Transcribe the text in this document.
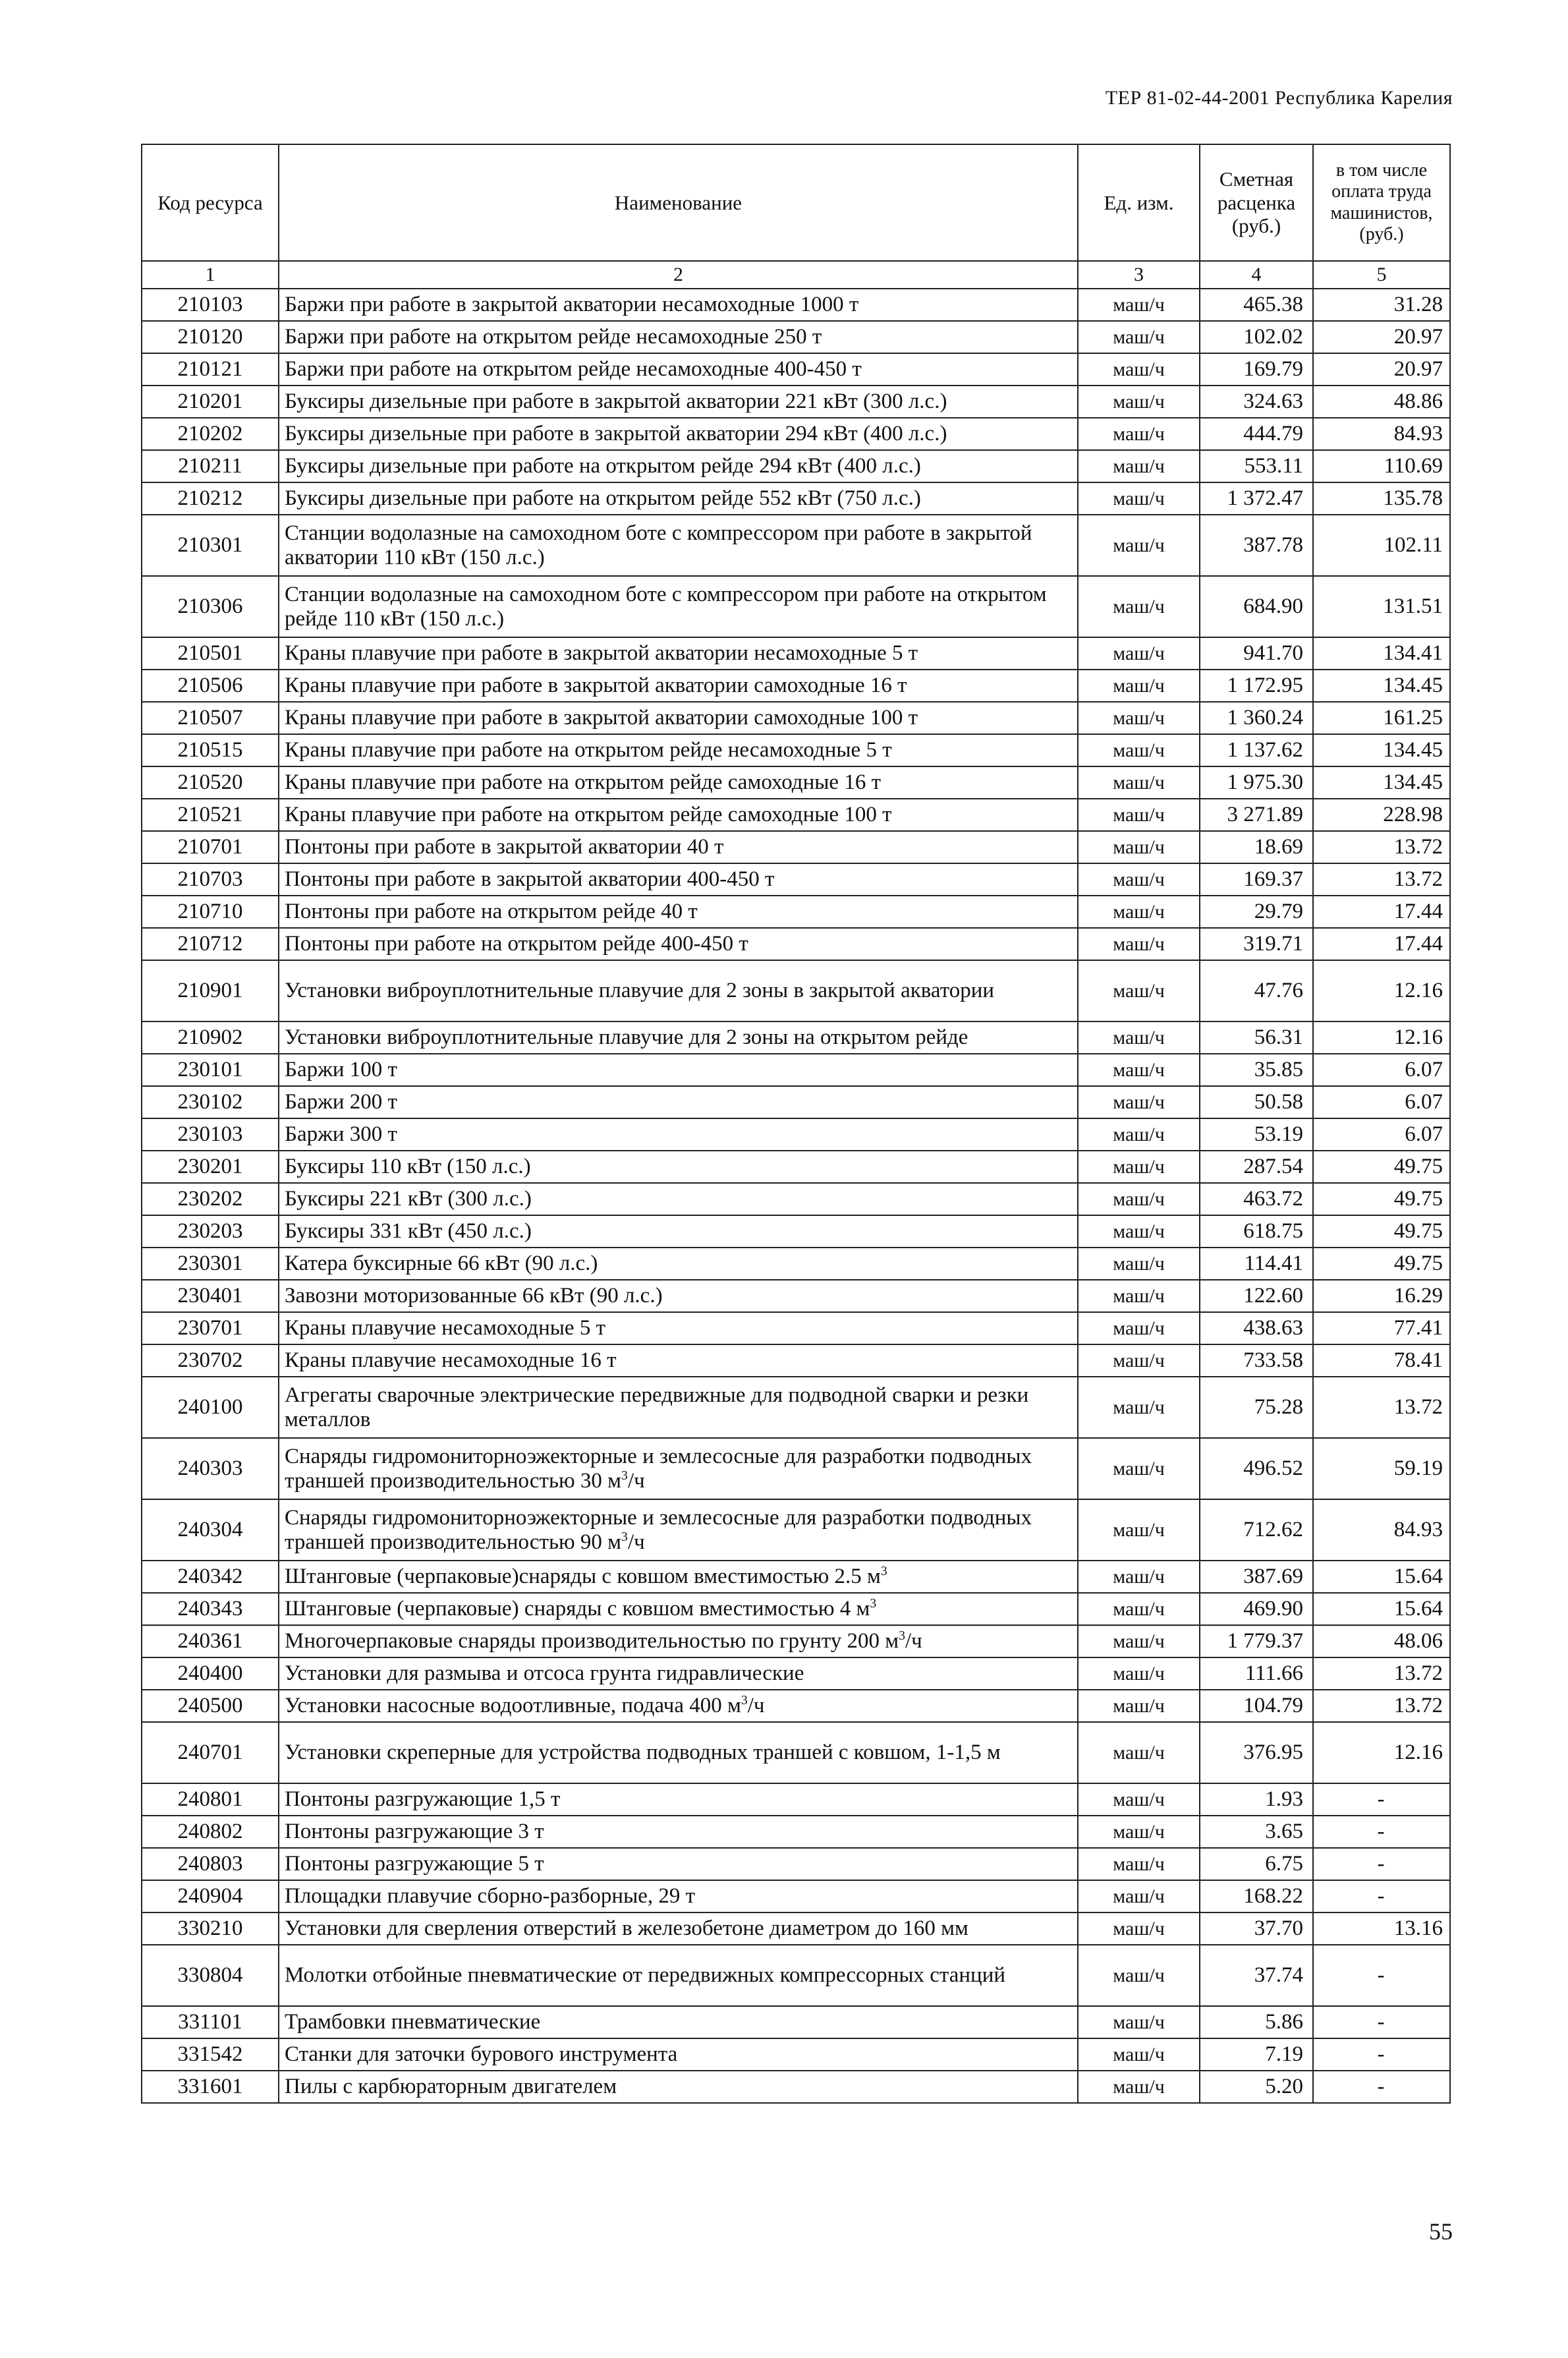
ТЕР 81-02-44-2001 Республика Карелия
Код ресурса	Наименование	Ед. изм.	Сметная расценка (руб.)	в том числе оплата труда машинистов, (руб.)
1	2	3	4	5
210103	Баржи при работе в закрытой акватории несамоходные 1000 т	маш/ч	465.38	31.28
210120	Баржи при работе на открытом рейде несамоходные 250 т	маш/ч	102.02	20.97
210121	Баржи при работе на открытом рейде несамоходные 400-450 т	маш/ч	169.79	20.97
210201	Буксиры дизельные при работе в закрытой акватории 221 кВт (300 л.с.)	маш/ч	324.63	48.86
210202	Буксиры дизельные при работе в закрытой акватории 294 кВт (400 л.с.)	маш/ч	444.79	84.93
210211	Буксиры дизельные при работе на открытом рейде 294 кВт (400 л.с.)	маш/ч	553.11	110.69
210212	Буксиры дизельные при работе на открытом рейде 552 кВт (750 л.с.)	маш/ч	1 372.47	135.78
210301	Станции водолазные на самоходном боте с компрессором при работе в закрытой акватории 110 кВт (150 л.с.)	маш/ч	387.78	102.11
210306	Станции водолазные на самоходном боте с компрессором при работе на открытом рейде 110 кВт (150 л.с.)	маш/ч	684.90	131.51
210501	Краны плавучие при работе в закрытой акватории несамоходные 5 т	маш/ч	941.70	134.41
210506	Краны плавучие при работе в закрытой акватории самоходные 16 т	маш/ч	1 172.95	134.45
210507	Краны плавучие при работе в закрытой акватории самоходные 100 т	маш/ч	1 360.24	161.25
210515	Краны плавучие при работе на открытом рейде несамоходные 5 т	маш/ч	1 137.62	134.45
210520	Краны плавучие при работе на открытом рейде самоходные 16 т	маш/ч	1 975.30	134.45
210521	Краны плавучие при работе на открытом рейде самоходные 100 т	маш/ч	3 271.89	228.98
210701	Понтоны при работе в закрытой акватории 40 т	маш/ч	18.69	13.72
210703	Понтоны при работе в закрытой акватории 400-450 т	маш/ч	169.37	13.72
210710	Понтоны при работе на открытом рейде 40 т	маш/ч	29.79	17.44
210712	Понтоны при работе на открытом рейде 400-450 т	маш/ч	319.71	17.44
210901	Установки виброуплотнительные плавучие для 2 зоны в закрытой акватории	маш/ч	47.76	12.16
210902	Установки виброуплотнительные плавучие для 2 зоны на открытом рейде	маш/ч	56.31	12.16
230101	Баржи 100 т	маш/ч	35.85	6.07
230102	Баржи 200 т	маш/ч	50.58	6.07
230103	Баржи 300 т	маш/ч	53.19	6.07
230201	Буксиры 110 кВт (150 л.с.)	маш/ч	287.54	49.75
230202	Буксиры 221 кВт (300 л.с.)	маш/ч	463.72	49.75
230203	Буксиры 331 кВт (450 л.с.)	маш/ч	618.75	49.75
230301	Катера буксирные 66 кВт (90 л.с.)	маш/ч	114.41	49.75
230401	Завозни моторизованные 66 кВт (90 л.с.)	маш/ч	122.60	16.29
230701	Краны плавучие несамоходные 5 т	маш/ч	438.63	77.41
230702	Краны плавучие несамоходные 16 т	маш/ч	733.58	78.41
240100	Агрегаты сварочные электрические передвижные для подводной сварки и резки металлов	маш/ч	75.28	13.72
240303	Снаряды гидромониторноэжекторные и землесосные для разработки подводных траншей производительностью 30 $м^3/ч$	маш/ч	496.52	59.19
240304	Снаряды гидромониторноэжекторные и землесосные для разработки подводных траншей производительностью 90 $м^3/ч$	маш/ч	712.62	84.93
240342	Штанговые (черпаковые)снаряды с ковшом вместимостью 2.5 $м^3$	маш/ч	387.69	15.64
240343	Штанговые (черпаковые) снаряды с ковшом вместимостью 4 $м^3$	маш/ч	469.90	15.64
240361	Многочерпаковые снаряды производительностью по грунту 200 $м^3/ч$	маш/ч	1 779.37	48.06
240400	Установки для размыва и отсоса грунта гидравлические	маш/ч	111.66	13.72
240500	Установки насосные водоотливные, подача 400 $м^3/ч$	маш/ч	104.79	13.72
240701	Установки скреперные для устройства подводных траншей с ковшом, 1-1,5 м	маш/ч	376.95	12.16
240801	Понтоны разгружающие 1,5 т	маш/ч	1.93	-
240802	Понтоны разгружающие 3 т	маш/ч	3.65	-
240803	Понтоны разгружающие 5 т	маш/ч	6.75	-
240904	Площадки плавучие сборно-разборные, 29 т	маш/ч	168.22	-
330210	Установки для сверления отверстий в железобетоне диаметром до 160 мм	маш/ч	37.70	13.16
330804	Молотки отбойные пневматические от передвижных компрессорных станций	маш/ч	37.74	-
331101	Трамбовки пневматические	маш/ч	5.86	-
331542	Станки для заточки бурового инструмента	маш/ч	7.19	-
331601	Пилы с карбюраторным двигателем	маш/ч	5.20	-
55
